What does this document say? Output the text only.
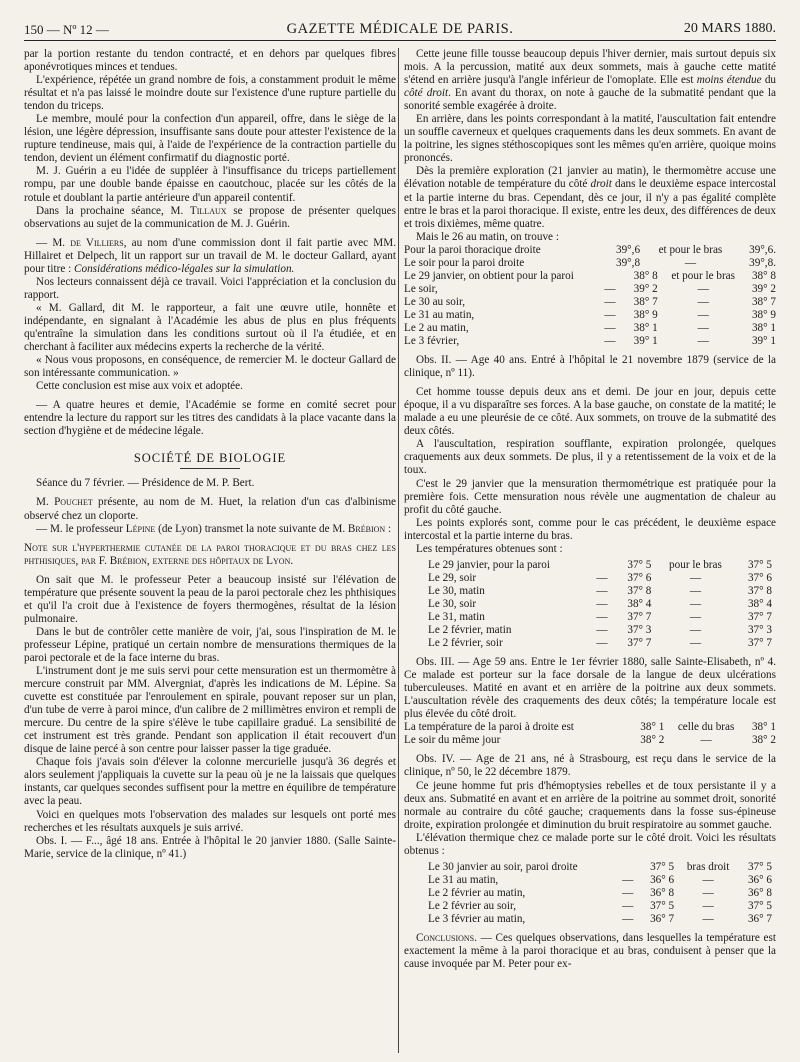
150 — Nº 12 —	GAZETTE MÉDICALE DE PARIS.	20 MARS 1880.

par la portion restante du tendon contracté, et en dehors par quelques fibres aponévrotiques minces et tendues.

L'expérience, répétée un grand nombre de fois, a constamment produit le même résultat et n'a pas laissé le moindre doute sur l'existence d'une rupture partielle du tendon du triceps.

Le membre, moulé pour la confection d'un appareil, offre, dans le siège de la lésion, une légère dépression, insuffisante sans doute pour attester l'existence de la rupture tendineuse, mais qui, à l'aide de l'expérience de la contraction partielle du tendon, devient un élément confirmatif du diagnostic porté.

M. J. Guérin a eu l'idée de suppléer à l'insuffisance du triceps partiellement rompu, par une double bande épaisse en caoutchouc, placée sur les côtés de la rotule et doublant la partie antérieure d'un appareil contentif.

Dans la prochaine séance, M. Tillaux se propose de présenter quelques observations au sujet de la communication de M. J. Guérin.

— M. de Villiers, au nom d'une commission dont il fait partie avec MM. Hillairet et Delpech, lit un rapport sur un travail de M. le docteur Gallard, ayant pour titre : Considérations médico-légales sur la simulation.

Nos lecteurs connaissent déjà ce travail. Voici l'appréciation et la conclusion du rapport.

« M. Gallard, dit M. le rapporteur, a fait une œuvre utile, honnête et indépendante, en signalant à l'Académie les abus de plus en plus fréquents qu'entraîne la simulation dans les conditions surtout où il l'a étudiée, et en cherchant à faciliter aux médecins experts la recherche de la vérité.

« Nous vous proposons, en conséquence, de remercier M. le docteur Gallard de son intéressante communication. »

Cette conclusion est mise aux voix et adoptée.

— A quatre heures et demie, l'Académie se forme en comité secret pour entendre la lecture du rapport sur les titres des candidats à la place vacante dans la section d'hygiène et de médecine légale.

SOCIÉTÉ DE BIOLOGIE

Séance du 7 février. — Présidence de M. P. Bert.

M. Pouchet présente, au nom de M. Huet, la relation d'un cas d'albinisme observé chez un cloporte.

— M. le professeur Lépine (de Lyon) transmet la note suivante de M. Brébion :

Note sur l'hyperthermie cutanée de la paroi thoracique et du bras chez les phthisiques, par F. Brébion, externe des hôpitaux de Lyon.

On sait que M. le professeur Peter a beaucoup insisté sur l'élévation de température que présente souvent la peau de la paroi pectorale chez les phthisiques et qu'il l'a croit due à l'existence de foyers thermogènes, résultat de la lésion pulmonaire.

Dans le but de contrôler cette manière de voir, j'ai, sous l'inspiration de M. le professeur Lépine, pratiqué un certain nombre de mensurations thermiques de la paroi pectorale et de la face interne du bras.

L'instrument dont je me suis servi pour cette mensuration est un thermomètre à mercure construit par MM. Alvergniat, d'après les indications de M. Lépine. Sa cuvette est constituée par l'enroulement en spirale, pouvant reposer sur un plan, d'un tube de verre à paroi mince, d'un calibre de 2 millimètres environ et rempli de mercure. Du centre de la spire s'élève le tube capillaire gradué. La sensibilité de cet instrument est très grande. Pendant son application il était recouvert d'un disque de laine percé à son centre pour laisser passer la tige graduée.

Chaque fois j'avais soin d'élever la colonne mercurielle jusqu'à 36 degrés et alors seulement j'appliquais la cuvette sur la peau où je ne la laissais que quelques instants, car quelques secondes suffisent pour la mettre en équilibre de température avec la peau.

Voici en quelques mots l'observation des malades sur lesquels ont porté mes recherches et les résultats auxquels je suis arrivé.

Obs. I. — F..., âgé 18 ans. Entrée à l'hôpital le 20 janvier 1880. (Salle Sainte-Marie, service de la clinique, nº 41.)

Cette jeune fille tousse beaucoup depuis l'hiver dernier, mais surtout depuis six mois. A la percussion, matité aux deux sommets, mais à gauche cette matité s'étend en arrière jusqu'à l'angle inférieur de l'omoplate. Elle est moins étendue du côté droit. En avant du thorax, on note à gauche de la submatité pendant que la sonorité semble exagérée à droite.

En arrière, dans les points correspondant à la matité, l'auscultation fait entendre un souffle caverneux et quelques craquements dans les deux sommets. En avant de la poitrine, les signes stéthoscopiques sont les mêmes qu'en arrière, quoique moins prononcés.

Dès la première exploration (21 janvier au matin), le thermomètre accuse une élévation notable de température du côté droit dans le deuxième espace intercostal et la partie interne du bras. Cependant, dès ce jour, il n'y a pas égalité complète entre le bras et la paroi thoracique. Il existe, entre les deux, des différences de deux et trois dixièmes, même quatre.

Mais le 26 au matin, on trouve :

Pour la paroi thoracique droite	39°,6	et pour le bras	39°,6.
Le soir pour la paroi droite	39°,8	—	39°,8.
Le 29 janvier, on obtient pour la paroi		38° 8	et pour le bras	38° 8
Le soir,	—	39° 2	—	39° 2
Le 30 au soir,	—	38° 7	—	38° 7
Le 31 au matin,	—	38° 9	—	38° 9
Le 2 au matin,	—	38° 1	—	38° 1
Le 3 février,	—	39° 1	—	39° 1

Obs. II. — Age 40 ans. Entré à l'hôpital le 21 novembre 1879 (service de la clinique, nº 11).

Cet homme tousse depuis deux ans et demi. De jour en jour, depuis cette époque, il a vu disparaître ses forces. A la base gauche, on constate de la matité; le malade a eu une pleurésie de ce côté. Aux sommets, on trouve de la submatité des deux côtés.

A l'auscultation, respiration soufflante, expiration prolongée, quelques craquements aux deux sommets. De plus, il y a retentissement de la voix et de la toux.

C'est le 29 janvier que la mensuration thermométrique est pratiquée pour la première fois. Cette mensuration nous révèle une augmentation de chaleur au profit du côté gauche.

Les points explorés sont, comme pour le cas précédent, le deuxième espace intercostal et la partie interne du bras.

Les températures obtenues sont :

Le 29 janvier, pour la paroi		37° 5	pour le bras	37° 5
Le 29, soir	—	37° 6	—	37° 6
Le 30, matin	—	37° 8	—	37° 8
Le 30, soir	—	38° 4	—	38° 4
Le 31, matin	—	37° 7	—	37° 7
Le 2 février, matin	—	37° 3	—	37° 3
Le 2 février, soir	—	37° 7	—	37° 7

Obs. III. — Age 59 ans. Entre le 1er février 1880, salle Sainte-Elisabeth, nº 4. Ce malade est porteur sur la face dorsale de la langue de deux ulcérations tuberculeuses. Matité en avant et en arrière de la poitrine aux deux sommets. L'auscultation révèle des craquements des deux côtés; la température locale est plus élevée du côté droit.

La température de la paroi à droite est	38° 1	celle du bras	38° 1
Le soir du même jour	38° 2	—	38° 2

Obs. IV. — Age de 21 ans, né à Strasbourg, est reçu dans le service de la clinique, nº 50, le 22 décembre 1879.

Ce jeune homme fut pris d'hémoptysies rebelles et de toux persistante il y a deux ans. Submatité en avant et en arrière de la poitrine au sommet droit, sonorité normale au contraire du côté gauche; craquements dans la fosse sus-épineuse droite, expiration prolongée et diminution du bruit respiratoire au sommet gauche.

L'élévation thermique chez ce malade porte sur le côté droit. Voici les résultats obtenus :

Le 30 janvier au soir, paroi droite		37° 5	bras droit	37° 5
Le 31 au matin,	—	36° 6	—	36° 6
Le 2 février au matin,	—	36° 8	—	36° 8
Le 2 février au soir,	—	37° 5	—	37° 5
Le 3 février au matin,	—	36° 7	—	36° 7

Conclusions. — Ces quelques observations, dans lesquelles la température est exactement la même à la paroi thoracique et au bras, conduisent à penser que la cause invoquée par M. Peter pour ex-
